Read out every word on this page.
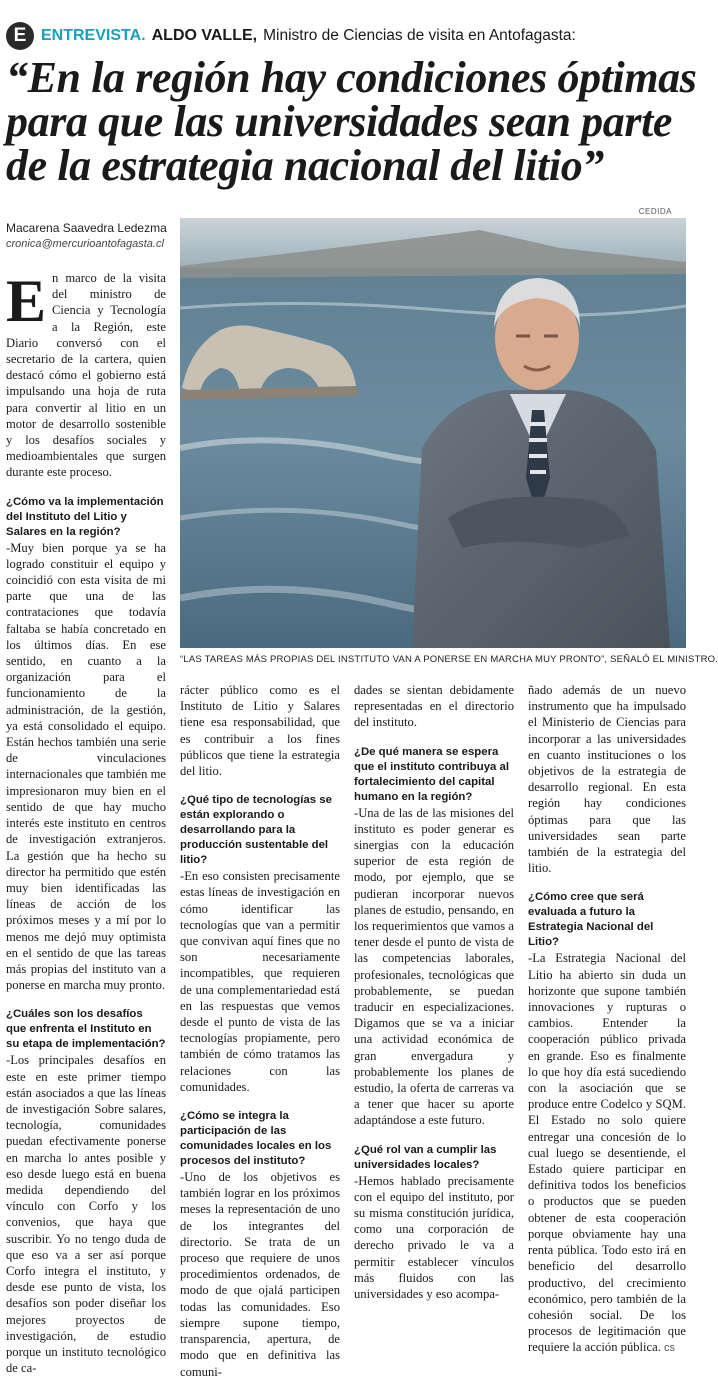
E ENTREVISTA. ALDO VALLE, Ministro de Ciencias de visita en Antofagasta:
“En la región hay condiciones óptimas
para que las universidades sean parte
de la estrategia nacional del litio”
Macarena Saavedra Ledezma
cronica@mercurioantofagasta.cl
CEDIDA
“LAS TAREAS MÁS PROPIAS DEL INSTITUTO VAN A PONERSE EN MARCHA MUY PRONTO”, SEÑALÓ EL MINISTRO.

En marco de la visita del ministro de Ciencia y Tecnología a la Región, este Diario conversó con el secretario de la cartera, quien destacó cómo el gobierno está impulsando una hoja de ruta para convertir al litio en un motor de desarrollo sostenible y los desafíos sociales y medioambientales que surgen durante este proceso.

¿Cómo va la implementación del Instituto del Litio y Salares en la región?

-Muy bien porque ya se ha logrado constituir el equipo y coincidió con esta visita de mi parte que una de las contrataciones que todavía faltaba se había concretado en los últimos días. En ese sentido, en cuanto a la organización para el funcionamiento de la administración, de la gestión, ya está consolidado el equipo. Están hechos también una serie de vinculaciones internacionales que también me impresionaron muy bien en el sentido de que hay mucho interés este instituto en centros de investigación extranjeros. La gestión que ha hecho su director ha permitido que estén muy bien identificadas las líneas de acción de los próximos meses y a mí por lo menos me dejó muy optimista en el sentido de que las tareas más propias del instituto van a ponerse en marcha muy pronto.

¿Cuáles son los desafíos que enfrenta el Instituto en su etapa de implementación?

-Los principales desafíos en este en este primer tiempo están asociados a que las líneas de investigación Sobre salares, tecnología, comunidades puedan efectivamente ponerse en marcha lo antes posible y eso desde luego está en buena medida dependiendo del vínculo con Corfo y los convenios, que haya que suscribir. Yo no tengo duda de que eso va a ser así porque Corfo integra el instituto, y desde ese punto de vista, los desafíos son poder diseñar los mejores proyectos de investigación, de estudio porque un instituto tecnológico de ca-

rácter público como es el Instituto de Litio y Salares tiene esa responsabilidad, que es contribuir a los fines públicos que tiene la estrategia del litio.

¿Qué tipo de tecnologías se están explorando o desarrollando para la producción sustentable del litio?

-En eso consisten precisamente estas líneas de investigación en cómo identificar las tecnologías que van a permitir que convivan aquí fines que no son necesariamente incompatibles, que requieren de una complementariedad está en las respuestas que vemos desde el punto de vista de las tecnologías propiamente, pero también de cómo tratamos las relaciones con las comunidades.

¿Cómo se integra la participación de las comunidades locales en los procesos del instituto?

-Uno de los objetivos es también lograr en los próximos meses la representación de uno de los integrantes del directorio. Se trata de un proceso que requiere de unos procedimientos ordenados, de modo de que ojalá participen todas las comunidades. Eso siempre supone tiempo, transparencia, apertura, de modo que en definitiva las comuni-

dades se sientan debidamente representadas en el directorio del instituto.

¿De qué manera se espera que el instituto contribuya al fortalecimiento del capital humano en la región?

-Una de las de las misiones del instituto es poder generar es sinergias con la educación superior de esta región de modo, por ejemplo, que se pudieran incorporar nuevos planes de estudio, pensando, en los requerimientos que vamos a tener desde el punto de vista de las competencias laborales, profesionales, tecnológicas que probablemente, se puedan traducir en especializaciones. Digamos que se va a iniciar una actividad económica de gran envergadura y probablemente los planes de estudio, la oferta de carreras va a tener que hacer su aporte adaptándose a este futuro.

¿Qué rol van a cumplir las universidades locales?

-Hemos hablado precisamente con el equipo del instituto, por su misma constitución jurídica, como una corporación de derecho privado le va a permitir establecer vínculos más fluidos con las universidades y eso acompa-

ñado además de un nuevo instrumento que ha impulsado el Ministerio de Ciencias para incorporar a las universidades en cuanto instituciones o los objetivos de la estrategia de desarrollo regional. En esta región hay condiciones óptimas para que las universidades sean parte también de la estrategia del litio.

¿Cómo cree que será evaluada a futuro la Estrategia Nacional del Litio?

-La Estrategia Nacional del Litio ha abierto sin duda un horizonte que supone también innovaciones y rupturas o cambios. Entender la cooperación público privada en grande. Eso es finalmente lo que hoy día está sucediendo con la asociación que se produce entre Codelco y SQM. El Estado no solo quiere entregar una concesión de lo cual luego se desentiende, el Estado quiere participar en definitiva todos los beneficios o productos que se pueden obtener de esta cooperación porque obviamente hay una renta pública. Todo esto irá en beneficio del desarrollo productivo, del crecimiento económico, pero también de la cohesión social. De los procesos de legitimación que requiere la acción pública. cs
